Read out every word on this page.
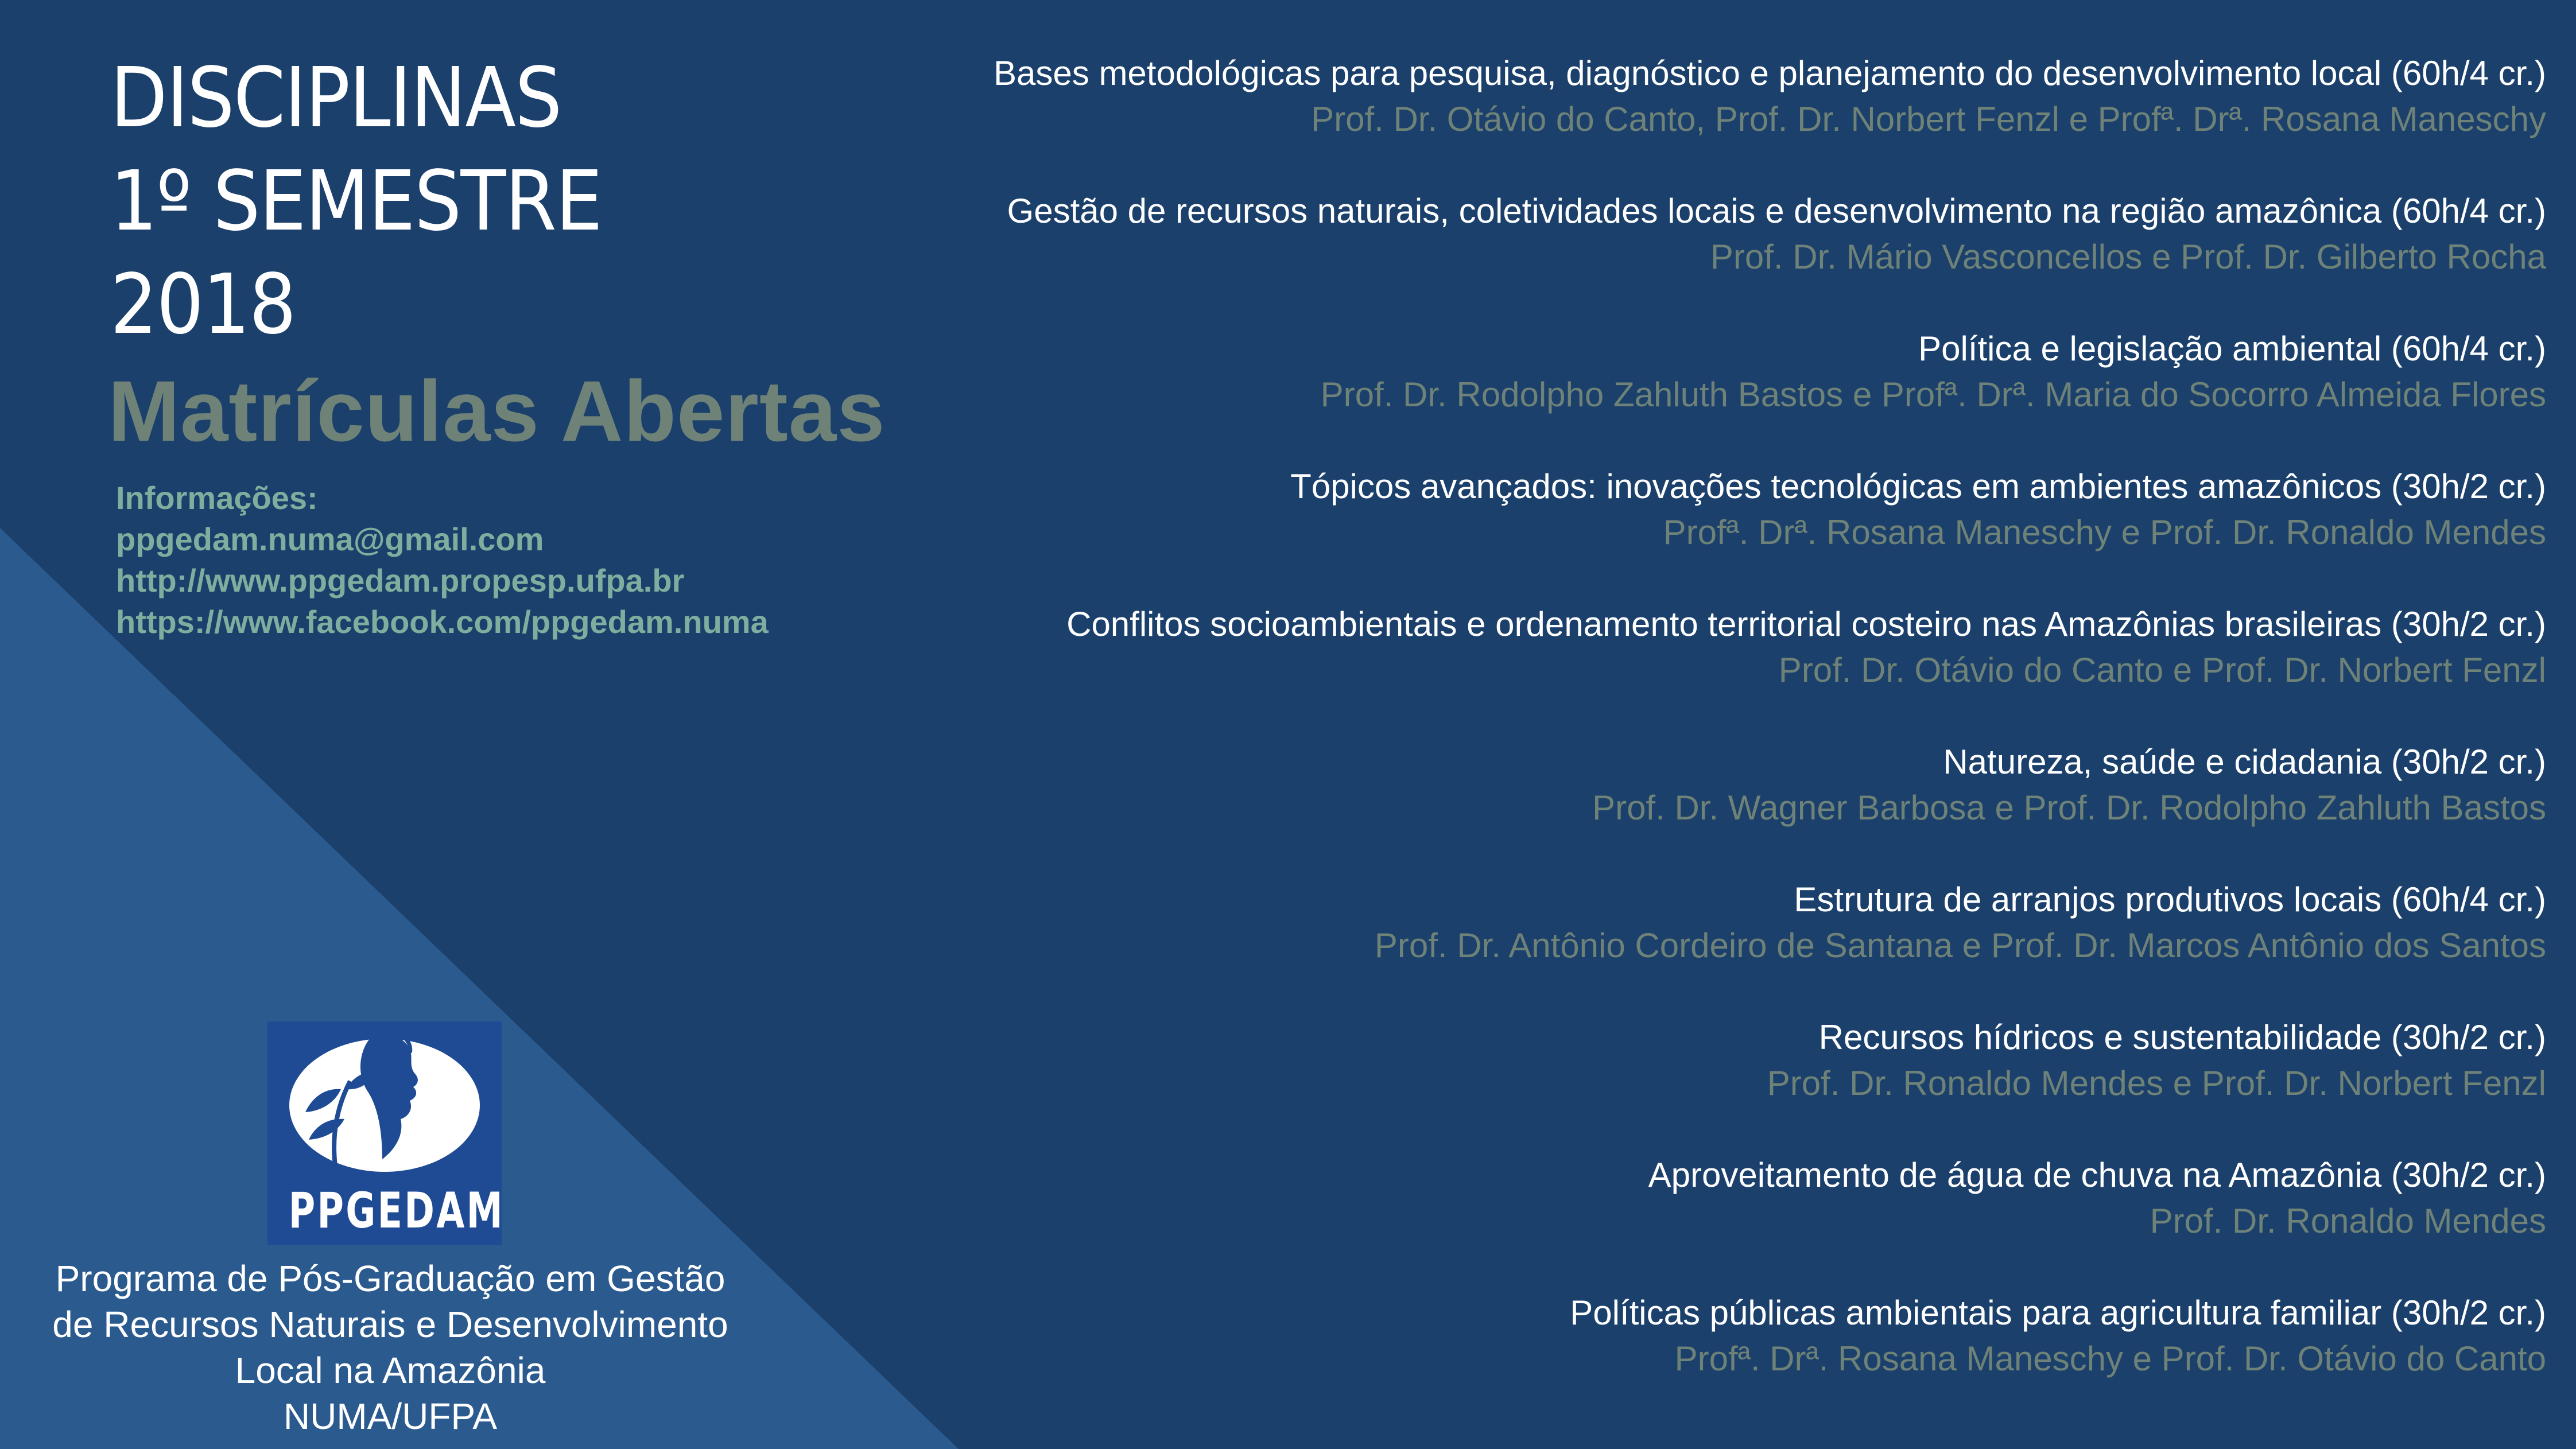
DISCIPLINAS
1º SEMESTRE
2018
Matrículas Abertas
Informações:
ppgedam.numa@gmail.com
http://www.ppgedam.propesp.ufpa.br
https://www.facebook.com/ppgedam.numa
PPGEDAM
Programa de Pós-Graduação em Gestão
de Recursos Naturais e Desenvolvimento
Local na Amazônia
NUMA/UFPA
Bases metodológicas para pesquisa, diagnóstico e planejamento do desenvolvimento local (60h/4 cr.)
Prof. Dr. Otávio do Canto, Prof. Dr. Norbert Fenzl e Profª. Drª. Rosana Maneschy
Gestão de recursos naturais, coletividades locais e desenvolvimento na região amazônica (60h/4 cr.)
Prof. Dr. Mário Vasconcellos e Prof. Dr. Gilberto Rocha
Política e legislação ambiental (60h/4 cr.)
Prof. Dr. Rodolpho Zahluth Bastos e Profª. Drª. Maria do Socorro Almeida Flores
Tópicos avançados: inovações tecnológicas em ambientes amazônicos (30h/2 cr.)
Profª. Drª. Rosana Maneschy e Prof. Dr. Ronaldo Mendes
Conflitos socioambientais e ordenamento territorial costeiro nas Amazônias brasileiras (30h/2 cr.)
Prof. Dr. Otávio do Canto e Prof. Dr. Norbert Fenzl
Natureza, saúde e cidadania (30h/2 cr.)
Prof. Dr. Wagner Barbosa e Prof. Dr. Rodolpho Zahluth Bastos
Estrutura de arranjos produtivos locais (60h/4 cr.)
Prof. Dr. Antônio Cordeiro de Santana e Prof. Dr. Marcos Antônio dos Santos
Recursos hídricos e sustentabilidade (30h/2 cr.)
Prof. Dr. Ronaldo Mendes e Prof. Dr. Norbert Fenzl
Aproveitamento de água de chuva na Amazônia (30h/2 cr.)
Prof. Dr. Ronaldo Mendes
Políticas públicas ambientais para agricultura familiar (30h/2 cr.)
Profª. Drª. Rosana Maneschy e Prof. Dr. Otávio do Canto
